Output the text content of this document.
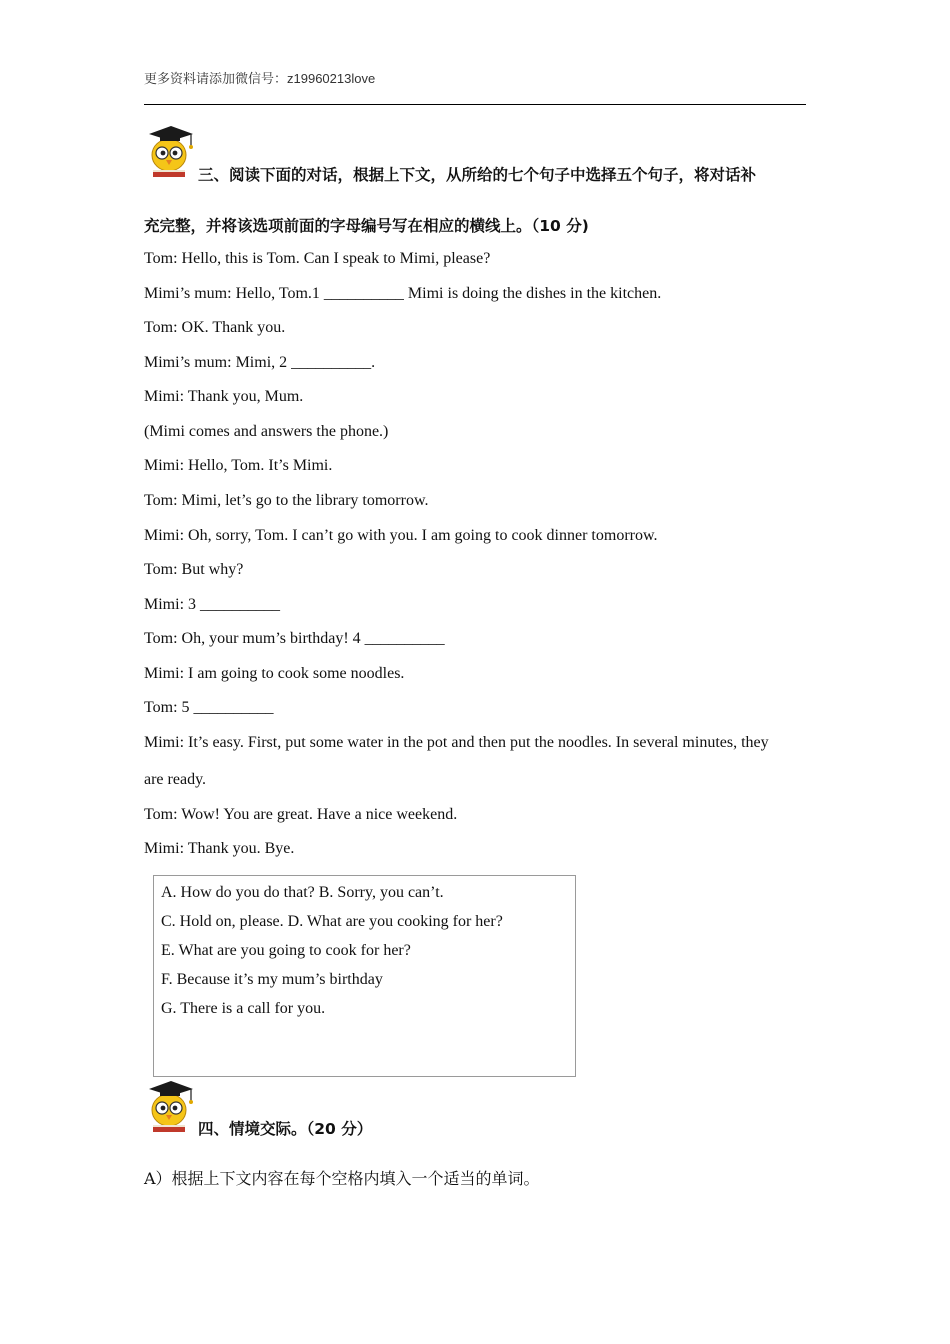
更多资料请添加微信号：z19960213love
三、阅读下面的对话，根据上下文，从所给的七个句子中选择五个句子，将对话补
充完整，并将该选项前面的字母编号写在相应的横线上。（10 分)
Tom: Hello, this is Tom. Can I speak to Mimi, please?
Mimi’s mum: Hello, Tom.1 __________ Mimi is doing the dishes in the kitchen.
Tom: OK. Thank you.
Mimi’s mum: Mimi, 2 __________.
Mimi: Thank you, Mum.
(Mimi comes and answers the phone.)
Mimi: Hello, Tom. It’s Mimi.
Tom: Mimi, let’s go to the library tomorrow.
Mimi: Oh, sorry, Tom. I can’t go with you. I am going to cook dinner tomorrow.
Tom: But why?
Mimi: 3 __________
Tom: Oh, your mum’s birthday! 4 __________
Mimi: I am going to cook some noodles.
Tom: 5 __________
Mimi: It’s easy. First, put some water in the pot and then put the noodles. In several minutes, they
are ready.
Tom: Wow! You are great. Have a nice weekend.
Mimi: Thank you. Bye.
A. How do you do that? B. Sorry, you can’t.
C. Hold on, please. D. What are you cooking for her?
E. What are you going to cook for her?
F. Because it’s my mum’s birthday
G. There is a call for you.
四、情境交际。（20 分）
A）根据上下文内容在每个空格内填入一个适当的单词。
